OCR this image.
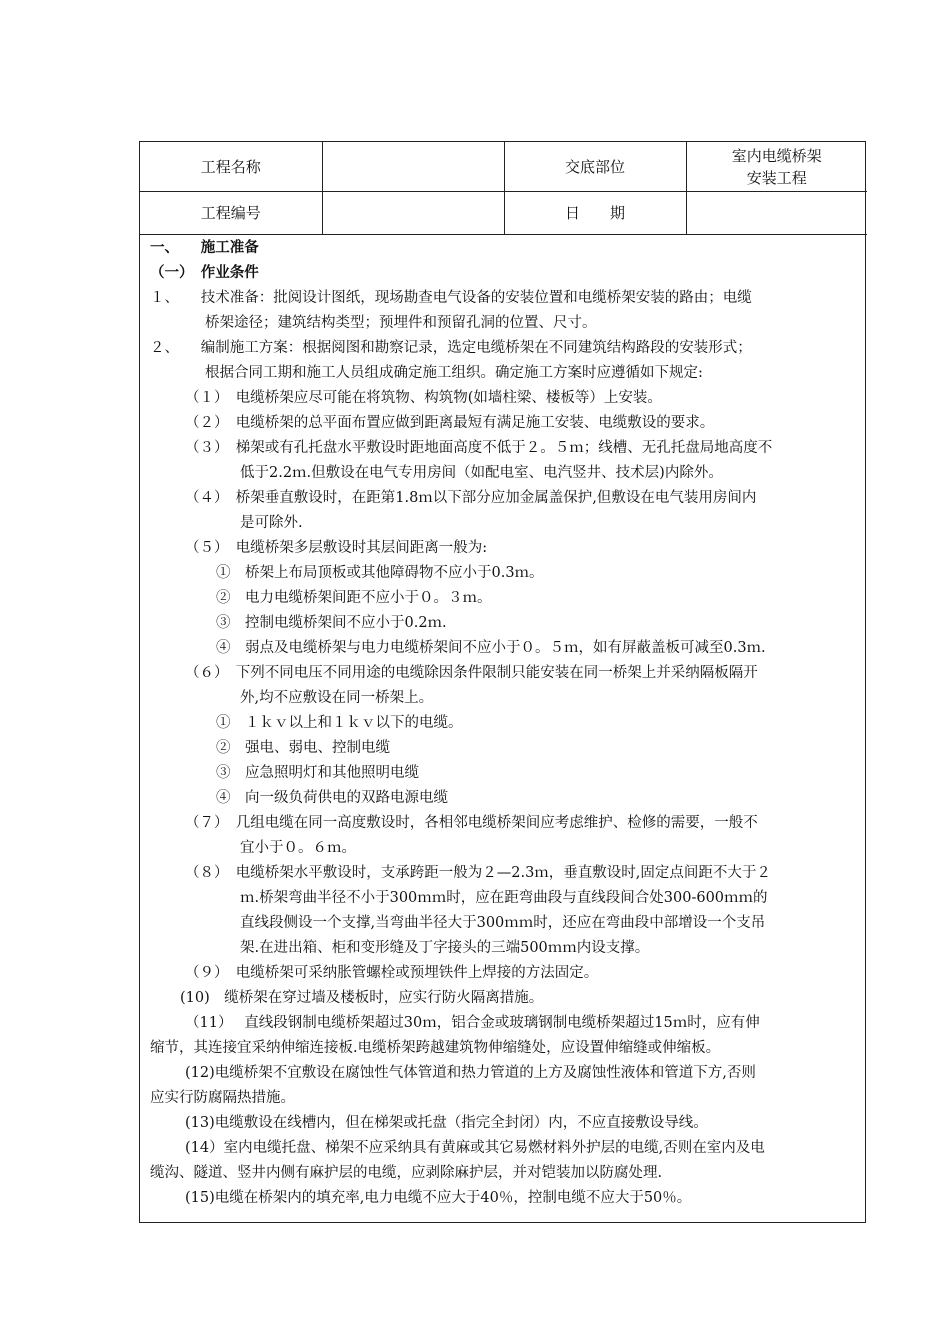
工程名称		交底部位	室内电缆桥架
安装工程

工程编号		日　　期	
一、　　施工准备
（一）　作业条件
１、　　技术准备：批阅设计图纸，现场勘查电气设备的安装位置和电缆桥架安装的路由；电缆
桥架途径；建筑结构类型；预埋件和预留孔洞的位置、尺寸。
２、　　编制施工方案：根据阅图和勘察记录，选定电缆桥架在不同建筑结构路段的安装形式；
根据合同工期和施工人员组成确定施工组织。确定施工方案时应遵循如下规定:
（１）　电缆桥架应尽可能在将筑物、构筑物(如墙柱梁、楼板等）上安装。
（２）　电缆桥架的总平面布置应做到距离最短有满足施工安装、电缆敷设的要求。
（３）　梯架或有孔托盘水平敷设时距地面高度不低于２。５ｍ；线槽、无孔托盘局地高度不
低于2.2ｍ.但敷设在电气专用房间（如配电室、电汽竖井、技术层)内除外。
（４）　桥架垂直敷设时，在距第1.8ｍ以下部分应加金属盖保护,但敷设在电气装用房间内
是可除外.
（５）　电缆桥架多层敷设时其层间距离一般为:
①　桥架上布局顶板或其他障碍物不应小于0.3ｍ。
②　电力电缆桥架间距不应小于０。３ｍ。
③　控制电缆桥架间不应小于0.2ｍ.
④　弱点及电缆桥架与电力电缆桥架间不应小于０。５ｍ，如有屏蔽盖板可减至0.3ｍ.
（６）　下列不同电压不同用途的电缆除因条件限制只能安装在同一桥架上并采纳隔板隔开
外,均不应敷设在同一桥架上。
①　１ｋｖ以上和１ｋｖ以下的电缆。
②　强电、弱电、控制电缆
③　应急照明灯和其他照明电缆
④　向一级负荷供电的双路电源电缆
（７）　几组电缆在同一高度敷设时，各相邻电缆桥架间应考虑维护、检修的需要，一般不
宜小于０。６ｍ。
（８）　电缆桥架水平敷设时，支承跨距一般为２—2.3ｍ，垂直敷设时,固定点间距不大于２
ｍ.桥架弯曲半径不小于300ｍｍ时，应在距弯曲段与直线段间合处300-600ｍｍ的
直线段侧设一个支撑,当弯曲半径大于300ｍｍ时，还应在弯曲段中部增设一个支吊
架.在进出箱、柜和变形缝及丁字接头的三端500ｍｍ内设支撑。
（９）　电缆桥架可采纳胀管螺栓或预埋铁件上焊接的方法固定。
(10)　缆桥架在穿过墙及楼板时，应实行防火隔离措施。
（11）　 直线段钢制电缆桥架超过30ｍ，铝合金或玻璃钢制电缆桥架超过15ｍ时，应有伸
缩节，其连接宜采纳伸缩连接板.电缆桥架跨越建筑物伸缩缝处，应设置伸缩缝或伸缩板。
(12)电缆桥架不宜敷设在腐蚀性气体管道和热力管道的上方及腐蚀性液体和管道下方,否则
应实行防腐隔热措施。
(13)电缆敷设在线槽内，但在梯架或托盘（指完全封闭）内，不应直接敷设导线。
(14）室内电缆托盘、梯架不应采纳具有黄麻或其它易燃材料外护层的电缆,否则在室内及电
缆沟、隧道、竖井内侧有麻护层的电缆，应剥除麻护层，并对铠装加以防腐处理.
(15)电缆在桥架内的填充率,电力电缆不应大于40％，控制电缆不应大于50％。
